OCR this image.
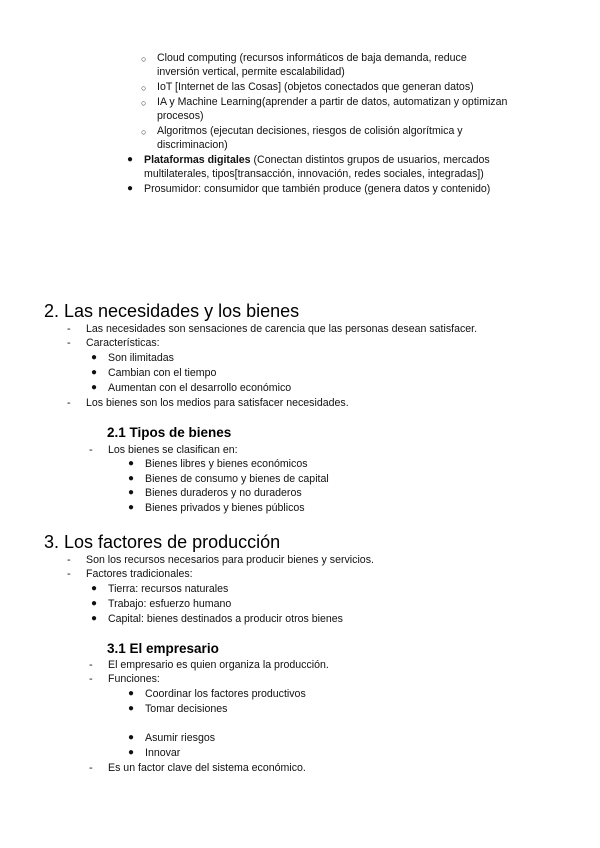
○ Cloud computing (recursos informáticos de baja demanda, reduce
inversión vertical, permite escalabilidad)
○ IoT [Internet de las Cosas] (objetos conectados que generan datos)
○ IA y Machine Learning(aprender a partir de datos, automatizan y optimizan
procesos)
○ Algoritmos (ejecutan decisiones, riesgos de colisión algorítmica y
discriminacion)
● Plataformas digitales (Conectan distintos grupos de usuarios, mercados
multilaterales, tipos[transacción, innovación, redes sociales, integradas])
● Prosumidor: consumidor que también produce (genera datos y contenido)
2. Las necesidades y los bienes
- Las necesidades son sensaciones de carencia que las personas desean satisfacer.
- Características:
● Son ilimitadas
● Cambian con el tiempo
● Aumentan con el desarrollo económico
- Los bienes son los medios para satisfacer necesidades.
2.1 Tipos de bienes
- Los bienes se clasifican en:
● Bienes libres y bienes económicos
● Bienes de consumo y bienes de capital
● Bienes duraderos y no duraderos
● Bienes privados y bienes públicos
3. Los factores de producción
- Son los recursos necesarios para producir bienes y servicios.
- Factores tradicionales:
● Tierra: recursos naturales
● Trabajo: esfuerzo humano
● Capital: bienes destinados a producir otros bienes
3.1 El empresario
- El empresario es quien organiza la producción.
- Funciones:
● Coordinar los factores productivos
● Tomar decisiones
● Asumir riesgos
● Innovar
- Es un factor clave del sistema económico.
